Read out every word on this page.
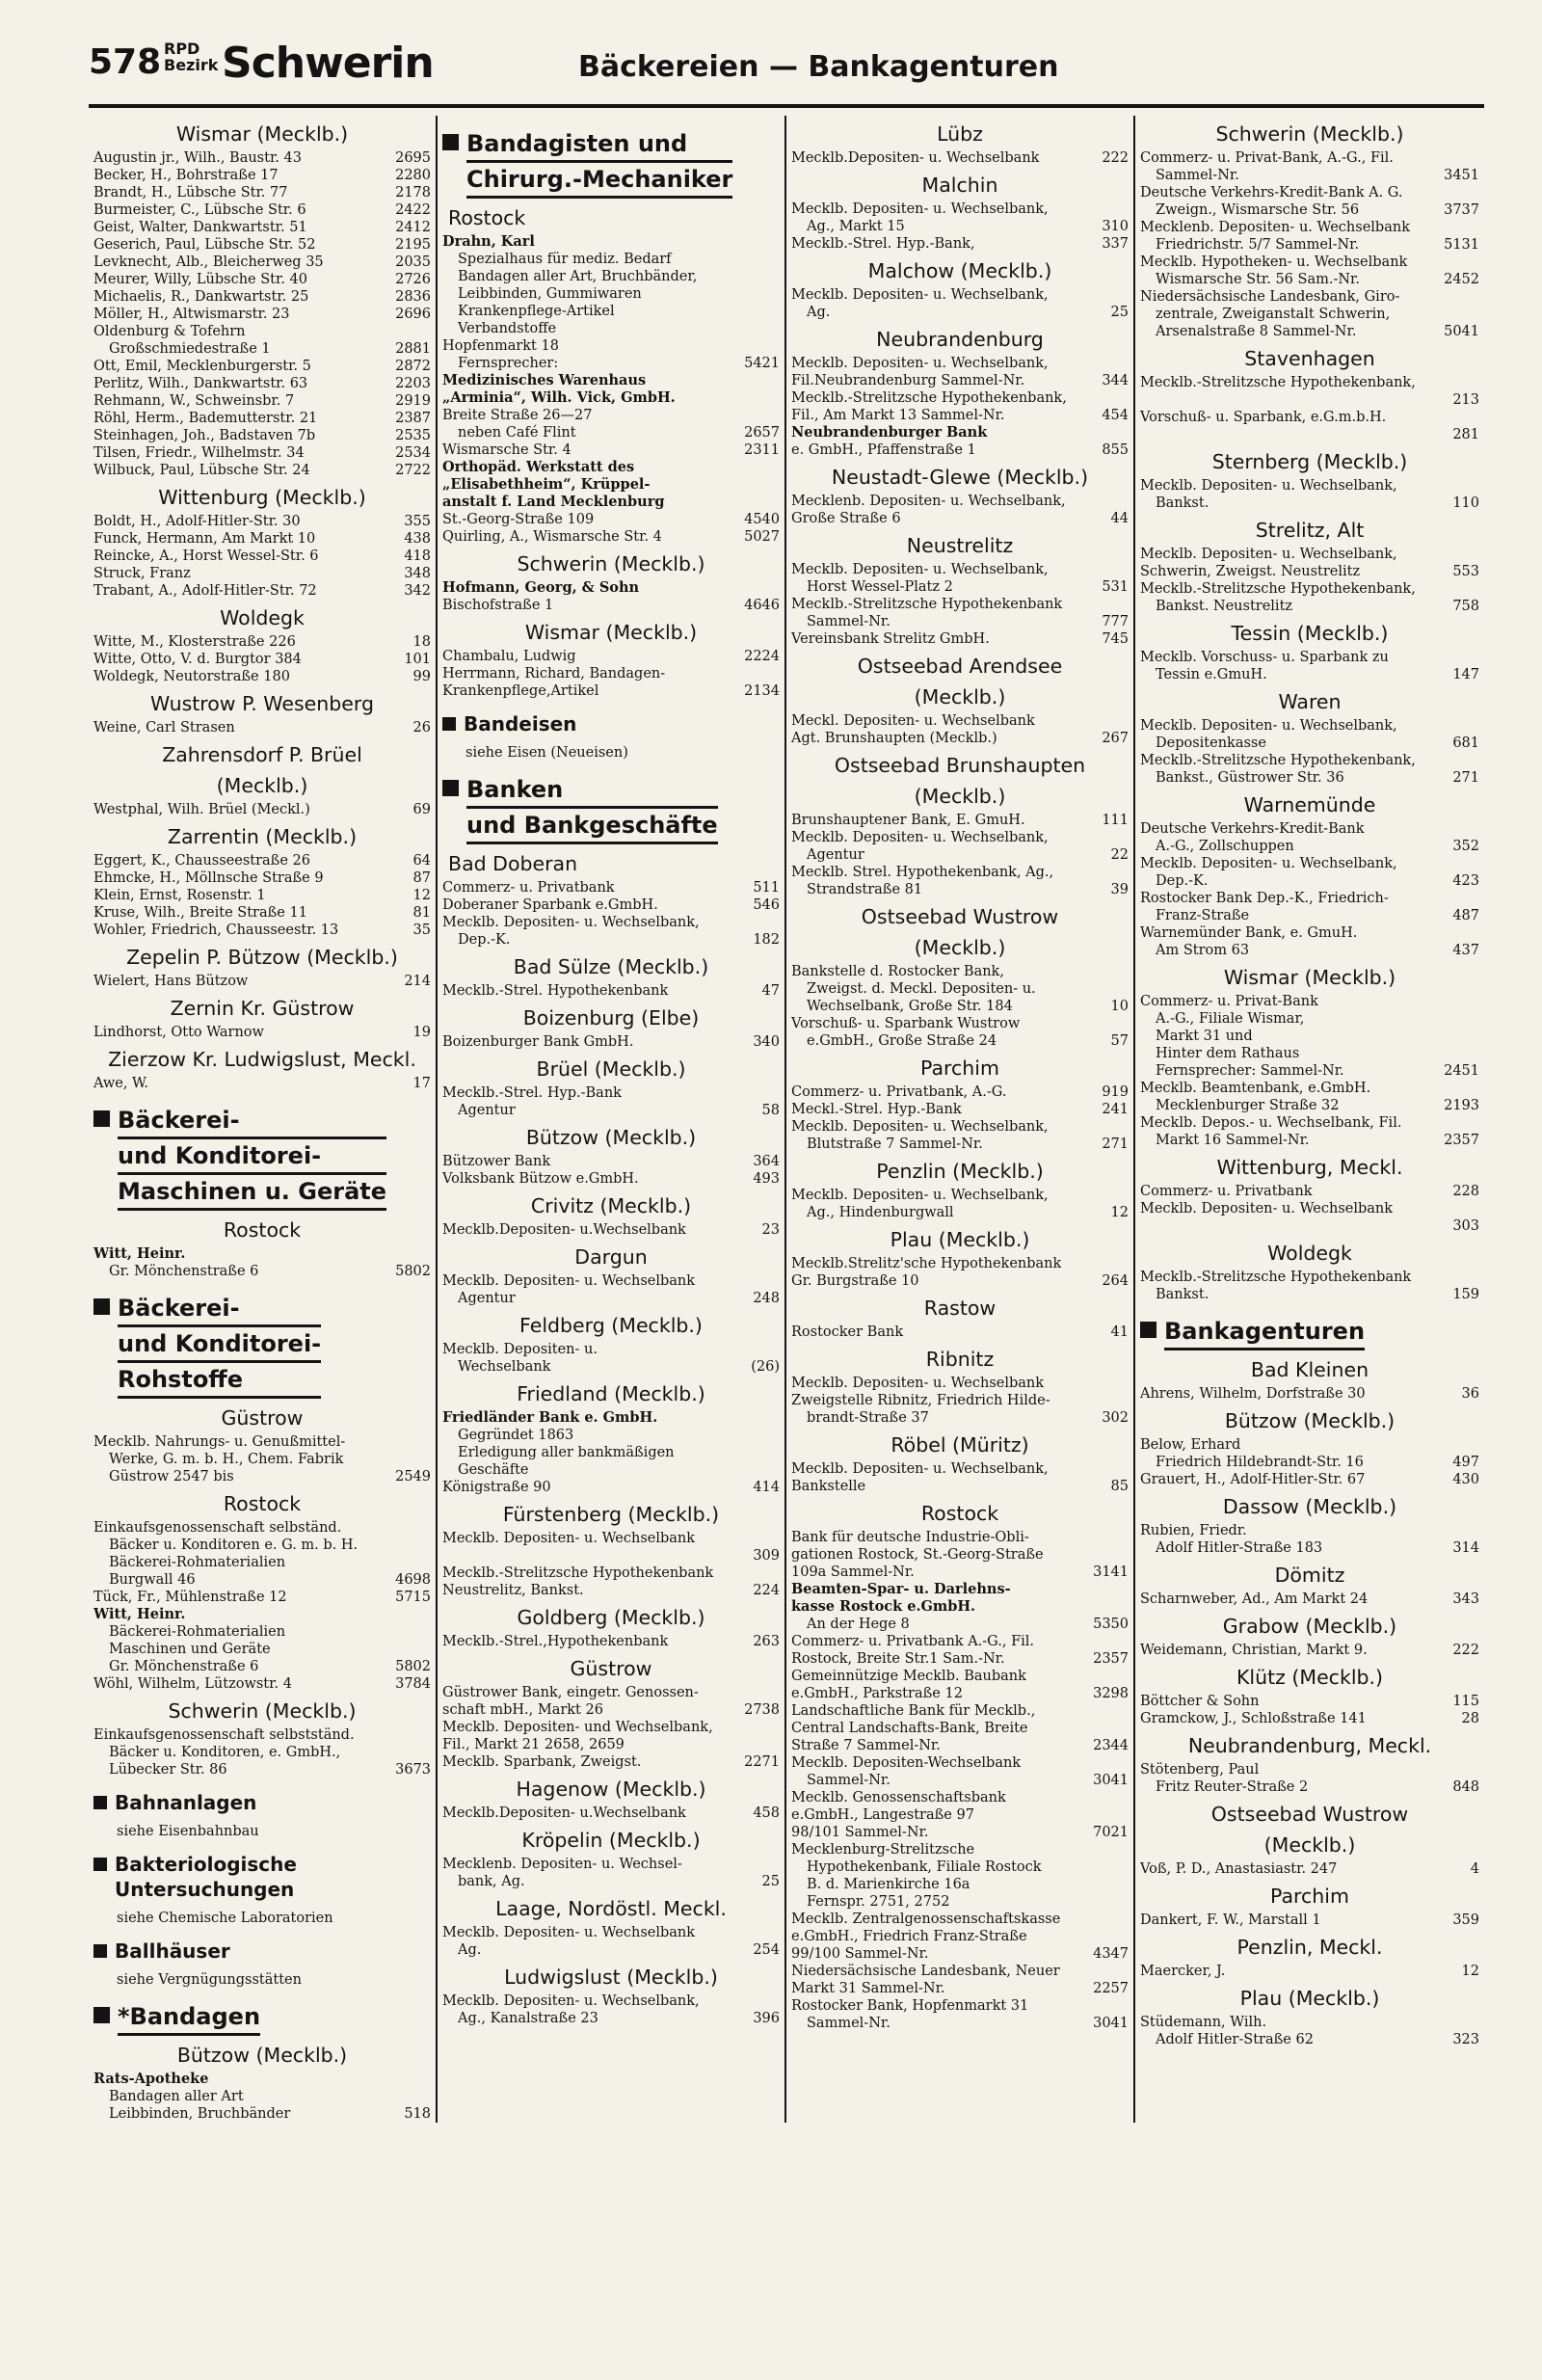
578 RPD
Bezirk Schwerin	Bäckereien — Bankagenturen
Wismar (Mecklb.)
Augustin jr., Wilh., Baustr. 43	2695
Becker, H., Bohrstraße 17	2280
Brandt, H., Lübsche Str. 77	2178
Burmeister, C., Lübsche Str. 6	2422
Geist, Walter, Dankwartstr. 51	2412
Geserich, Paul, Lübsche Str. 52	2195
Levknecht, Alb., Bleicherweg 35	2035
Meurer, Willy, Lübsche Str. 40	2726
Michaelis, R., Dankwartstr. 25	2836
Möller, H., Altwismarstr. 23	2696
Oldenburg & Tofehrn
Großschmiedestraße 1	2881
Ott, Emil, Mecklenburgerstr. 5	2872
Perlitz, Wilh., Dankwartstr. 63	2203
Rehmann, W., Schweinsbr. 7	2919
Röhl, Herm., Bademutterstr. 21	2387
Steinhagen, Joh., Badstaven 7b	2535
Tilsen, Friedr., Wilhelmstr. 34	2534
Wilbuck, Paul, Lübsche Str. 24	2722
Wittenburg (Mecklb.)
Boldt, H., Adolf-Hitler-Str. 30	355
Funck, Hermann, Am Markt 10	438
Reincke, A., Horst Wessel-Str. 6	418
Struck, Franz	348
Trabant, A., Adolf-Hitler-Str. 72	342
Woldegk
Witte, M., Klosterstraße 226	18
Witte, Otto, V. d. Burgtor 384	101
Woldegk, Neutorstraße 180	99
Wustrow P. Wesenberg
Weine, Carl Strasen	26
Zahrensdorf P. Brüel
(Mecklb.)
Westphal, Wilh. Brüel (Meckl.)	69
Zarrentin (Mecklb.)
Eggert, K., Chausseestraße 26	64
Ehmcke, H., Möllnsche Straße 9	87
Klein, Ernst, Rosenstr. 1	12
Kruse, Wilh., Breite Straße 11	81
Wohler, Friedrich, Chausseestr. 13	35
Zepelin P. Bützow (Mecklb.)
Wielert, Hans Bützow	214
Zernin Kr. Güstrow
Lindhorst, Otto Warnow	19
Zierzow Kr. Ludwigslust, Meckl.
Awe, W.	17
Bäckerei-
und Konditorei-
Maschinen u. Geräte
Rostock
Witt, Heinr.
Gr. Mönchenstraße 6	5802
Bäckerei-
und Konditorei-
Rohstoffe
Güstrow
Mecklb. Nahrungs- u. Genußmittel-
Werke, G. m. b. H., Chem. Fabrik
Güstrow 2547 bis	2549
Rostock
Einkaufsgenossenschaft selbständ.
Bäcker u. Konditoren e. G. m. b. H.
Bäckerei-Rohmaterialien
Burgwall 46	4698
Tück, Fr., Mühlenstraße 12	5715
Witt, Heinr.
Bäckerei-Rohmaterialien
Maschinen und Geräte
Gr. Mönchenstraße 6	5802
Wöhl, Wilhelm, Lützowstr. 4	3784
Schwerin (Mecklb.)
Einkaufsgenossenschaft selbstständ.
Bäcker u. Konditoren, e. GmbH.,
Lübecker Str. 86	3673
Bahnanlagen
siehe Eisenbahnbau
Bakteriologische
Untersuchungen
siehe Chemische Laboratorien
Ballhäuser
siehe Vergnügungsstätten
*Bandagen
Bützow (Mecklb.)
Rats-Apotheke
Bandagen aller Art
Leibbinden, Bruchbänder	518
Bandagisten und
Chirurg.-Mechaniker
Rostock
Drahn, Karl
Spezialhaus für mediz. Bedarf
Bandagen aller Art, Bruchbänder,
Leibbinden, Gummiwaren
Krankenpflege-Artikel
Verbandstoffe
Hopfenmarkt 18
Fernsprecher:	5421
Medizinisches Warenhaus
„Arminia“, Wilh. Vick, GmbH.
Breite Straße 26—27
neben Café Flint	2657
Wismarsche Str. 4	2311
Orthopäd. Werkstatt des
„Elisabethheim“, Krüppel-
anstalt f. Land Mecklenburg
St.-Georg-Straße 109	4540
Quirling, A., Wismarsche Str. 4	5027
Schwerin (Mecklb.)
Hofmann, Georg, & Sohn
Bischofstraße 1	4646
Wismar (Mecklb.)
Chambalu, Ludwig	2224
Herrmann, Richard, Bandagen-
Krankenpflege,Artikel	2134
Bandeisen
siehe Eisen (Neueisen)
Banken
und Bankgeschäfte
Bad Doberan
Commerz- u. Privatbank	511
Doberaner Sparbank e.GmbH.	546
Mecklb. Depositen- u. Wechselbank,
Dep.-K.	182
Bad Sülze (Mecklb.)
Mecklb.-Strel. Hypothekenbank	47
Boizenburg (Elbe)
Boizenburger Bank GmbH.	340
Brüel (Mecklb.)
Mecklb.-Strel. Hyp.-Bank
Agentur	58
Bützow (Mecklb.)
Bützower Bank	364
Volksbank Bützow e.GmbH.	493
Crivitz (Mecklb.)
Mecklb.Depositen- u.Wechselbank	23
Dargun
Mecklb. Depositen- u. Wechselbank
Agentur	248
Feldberg (Mecklb.)
Mecklb. Depositen- u.
Wechselbank	(26)
Friedland (Mecklb.)
Friedländer Bank e. GmbH.
Gegründet 1863
Erledigung aller bankmäßigen
Geschäfte
Königstraße 90	414
Fürstenberg (Mecklb.)
Mecklb. Depositen- u. Wechselbank
309
Mecklb.-Strelitzsche Hypothekenbank
Neustrelitz, Bankst.	224
Goldberg (Mecklb.)
Mecklb.-Strel.,Hypothekenbank	263
Güstrow
Güstrower Bank, eingetr. Genossen-
schaft mbH., Markt 26	2738
Mecklb. Depositen- und Wechselbank,
Fil., Markt 21 2658, 2659
Mecklb. Sparbank, Zweigst.	2271
Hagenow (Mecklb.)
Mecklb.Depositen- u.Wechselbank	458
Kröpelin (Mecklb.)
Mecklenb. Depositen- u. Wechsel-
bank, Ag.	25
Laage, Nordöstl. Meckl.
Mecklb. Depositen- u. Wechselbank
Ag.	254
Ludwigslust (Mecklb.)
Mecklb. Depositen- u. Wechselbank,
Ag., Kanalstraße 23	396
Lübz
Mecklb.Depositen- u. Wechselbank	222
Malchin
Mecklb. Depositen- u. Wechselbank,
Ag., Markt 15	310
Mecklb.-Strel. Hyp.-Bank,	337
Malchow (Mecklb.)
Mecklb. Depositen- u. Wechselbank,
Ag.	25
Neubrandenburg
Mecklb. Depositen- u. Wechselbank,
Fil.Neubrandenburg Sammel-Nr.	344
Mecklb.-Strelitzsche Hypothekenbank,
Fil., Am Markt 13 Sammel-Nr.	454
Neubrandenburger Bank
e. GmbH., Pfaffenstraße 1	855
Neustadt-Glewe (Mecklb.)
Mecklenb. Depositen- u. Wechselbank,
Große Straße 6	44
Neustrelitz
Mecklb. Depositen- u. Wechselbank,
Horst Wessel-Platz 2	531
Mecklb.-Strelitzsche Hypothekenbank
Sammel-Nr.	777
Vereinsbank Strelitz GmbH.	745
Ostseebad Arendsee
(Mecklb.)
Meckl. Depositen- u. Wechselbank
Agt. Brunshaupten (Mecklb.)	267
Ostseebad Brunshaupten
(Mecklb.)
Brunshauptener Bank, E. GmuH.	111
Mecklb. Depositen- u. Wechselbank,
Agentur	22
Mecklb. Strel. Hypothekenbank, Ag.,
Strandstraße 81	39
Ostseebad Wustrow
(Mecklb.)
Bankstelle d. Rostocker Bank,
Zweigst. d. Meckl. Depositen- u.
Wechselbank, Große Str. 184	10
Vorschuß- u. Sparbank Wustrow
e.GmbH., Große Straße 24	57
Parchim
Commerz- u. Privatbank, A.-G.	919
Meckl.-Strel. Hyp.-Bank	241
Mecklb. Depositen- u. Wechselbank,
Blutstraße 7 Sammel-Nr.	271
Penzlin (Mecklb.)
Mecklb. Depositen- u. Wechselbank,
Ag., Hindenburgwall	12
Plau (Mecklb.)
Mecklb.Strelitz'sche Hypothekenbank
Gr. Burgstraße 10	264
Rastow
Rostocker Bank	41
Ribnitz
Mecklb. Depositen- u. Wechselbank
Zweigstelle Ribnitz, Friedrich Hilde-
brandt-Straße 37	302
Röbel (Müritz)
Mecklb. Depositen- u. Wechselbank,
Bankstelle	85
Rostock
Bank für deutsche Industrie-Obli-
gationen Rostock, St.-Georg-Straße
109a Sammel-Nr.	3141
Beamten-Spar- u. Darlehns-
kasse Rostock e.GmbH.
An der Hege 8	5350
Commerz- u. Privatbank A.-G., Fil.
Rostock, Breite Str.1 Sam.-Nr.	2357
Gemeinnützige Mecklb. Baubank
e.GmbH., Parkstraße 12	3298
Landschaftliche Bank für Mecklb.,
Central Landschafts-Bank, Breite
Straße 7 Sammel-Nr.	2344
Mecklb. Depositen-Wechselbank
Sammel-Nr.	3041
Mecklb. Genossenschaftsbank
e.GmbH., Langestraße 97
98/101 Sammel-Nr.	7021
Mecklenburg-Strelitzsche
Hypothekenbank, Filiale Rostock
B. d. Marienkirche 16a
Fernspr. 2751, 2752
Mecklb. Zentralgenossenschaftskasse
e.GmbH., Friedrich Franz-Straße
99/100 Sammel-Nr.	4347
Niedersächsische Landesbank, Neuer
Markt 31 Sammel-Nr.	2257
Rostocker Bank, Hopfenmarkt 31
Sammel-Nr.	3041
Schwerin (Mecklb.)
Commerz- u. Privat-Bank, A.-G., Fil.
Sammel-Nr.	3451
Deutsche Verkehrs-Kredit-Bank A. G.
Zweign., Wismarsche Str. 56	3737
Mecklenb. Depositen- u. Wechselbank
Friedrichstr. 5/7 Sammel-Nr.	5131
Mecklb. Hypotheken- u. Wechselbank
Wismarsche Str. 56 Sam.-Nr.	2452
Niedersächsische Landesbank, Giro-
zentrale, Zweiganstalt Schwerin,
Arsenalstraße 8 Sammel-Nr.	5041
Stavenhagen
Mecklb.-Strelitzsche Hypothekenbank,
213
Vorschuß- u. Sparbank, e.G.m.b.H.
281
Sternberg (Mecklb.)
Mecklb. Depositen- u. Wechselbank,
Bankst.	110
Strelitz, Alt
Mecklb. Depositen- u. Wechselbank,
Schwerin, Zweigst. Neustrelitz	553
Mecklb.-Strelitzsche Hypothekenbank,
Bankst. Neustrelitz	758
Tessin (Mecklb.)
Mecklb. Vorschuss- u. Sparbank zu
Tessin e.GmuH.	147
Waren
Mecklb. Depositen- u. Wechselbank,
Depositenkasse	681
Mecklb.-Strelitzsche Hypothekenbank,
Bankst., Güstrower Str. 36	271
Warnemünde
Deutsche Verkehrs-Kredit-Bank
A.-G., Zollschuppen	352
Mecklb. Depositen- u. Wechselbank,
Dep.-K.	423
Rostocker Bank Dep.-K., Friedrich-
Franz-Straße	487
Warnemünder Bank, e. GmuH.
Am Strom 63	437
Wismar (Mecklb.)
Commerz- u. Privat-Bank
A.-G., Filiale Wismar,
Markt 31 und
Hinter dem Rathaus
Fernsprecher: Sammel-Nr.	2451
Mecklb. Beamtenbank, e.GmbH.
Mecklenburger Straße 32	2193
Mecklb. Depos.- u. Wechselbank, Fil.
Markt 16 Sammel-Nr.	2357
Wittenburg, Meckl.
Commerz- u. Privatbank	228
Mecklb. Depositen- u. Wechselbank
303
Woldegk
Mecklb.-Strelitzsche Hypothekenbank
Bankst.	159
Bankagenturen
Bad Kleinen
Ahrens, Wilhelm, Dorfstraße 30	36
Bützow (Mecklb.)
Below, Erhard
Friedrich Hildebrandt-Str. 16	497
Grauert, H., Adolf-Hitler-Str. 67	430
Dassow (Mecklb.)
Rubien, Friedr.
Adolf Hitler-Straße 183	314
Dömitz
Scharnweber, Ad., Am Markt 24	343
Grabow (Mecklb.)
Weidemann, Christian, Markt 9.	222
Klütz (Mecklb.)
Böttcher & Sohn	115
Gramckow, J., Schloßstraße 141	28
Neubrandenburg, Meckl.
Stötenberg, Paul
Fritz Reuter-Straße 2	848
Ostseebad Wustrow
(Mecklb.)
Voß, P. D., Anastasiastr. 247	4
Parchim
Dankert, F. W., Marstall 1	359
Penzlin, Meckl.
Maercker, J.	12
Plau (Mecklb.)
Stüdemann, Wilh.
Adolf Hitler-Straße 62	323
